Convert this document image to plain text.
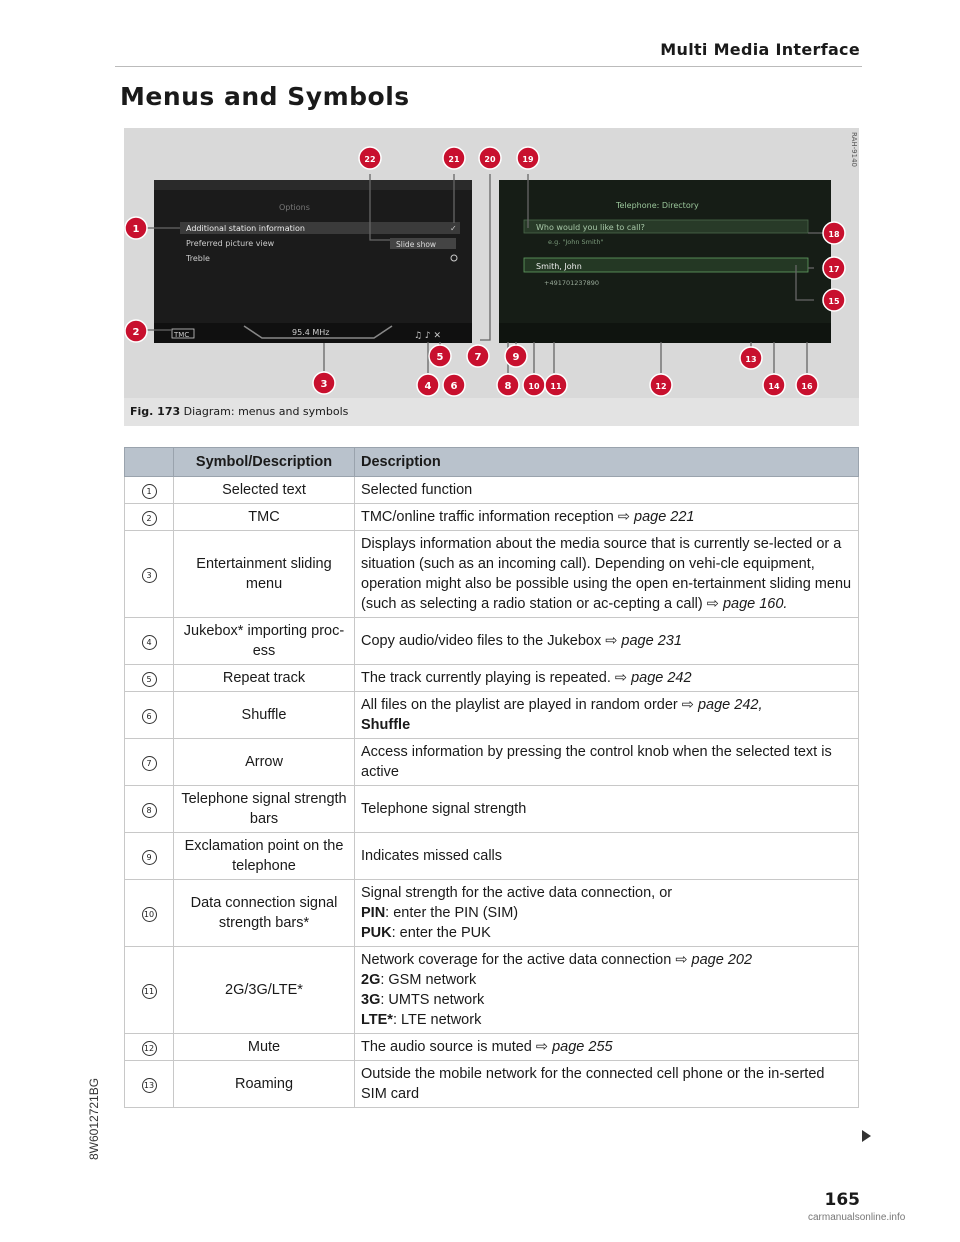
Multi Media Interface
Menus and Symbols
Options
Additional station information
Preferred picture view
Treble
Slide show
✓
95.4 MHz
TMC	♫ ♪ ✕
Telephone: Directory
Who would you like to call?
e.g. "John Smith"
Smith, John
+491701237890
1
2
3	4
5
6
7
8
9
10 11	12
13
14
15
16
17
18
19
20
21
22	RAH-9140
Fig. 173 Diagram: menus and symbols
	Symbol/Description	Description
1	Selected text	Selected function
2	TMC	TMC/online traffic information reception ⇨ page 221
3	Entertainment sliding menu	Displays information about the media source that is currently se-lected or a situation (such as an incoming call). Depending on vehi-cle equipment, operation might also be possible using the open en-tertainment sliding menu (such as selecting a radio station or ac-cepting a call) ⇨ page 160.
4	Jukebox* importing proc-ess	Copy audio/video files to the Jukebox ⇨ page 231
5	Repeat track	The track currently playing is repeated. ⇨ page 242
6	Shuffle	All files on the playlist are played in random order ⇨ page 242,
Shuffle
7	Arrow	Access information by pressing the control knob when the selected text is active
8	Telephone signal strength bars	Telephone signal strength
9	Exclamation point on the telephone	Indicates missed calls
10	Data connection signal strength bars*	Signal strength for the active data connection, or
PIN: enter the PIN (SIM)
PUK: enter the PUK
11	2G/3G/LTE*	Network coverage for the active data connection ⇨ page 202
2G: GSM network
3G: UMTS network
LTE*: LTE network
12	Mute	The audio source is muted ⇨ page 255
13	Roaming	Outside the mobile network for the connected cell phone or the in-serted SIM card
8W6012721BG
165
carmanualsonline.info
